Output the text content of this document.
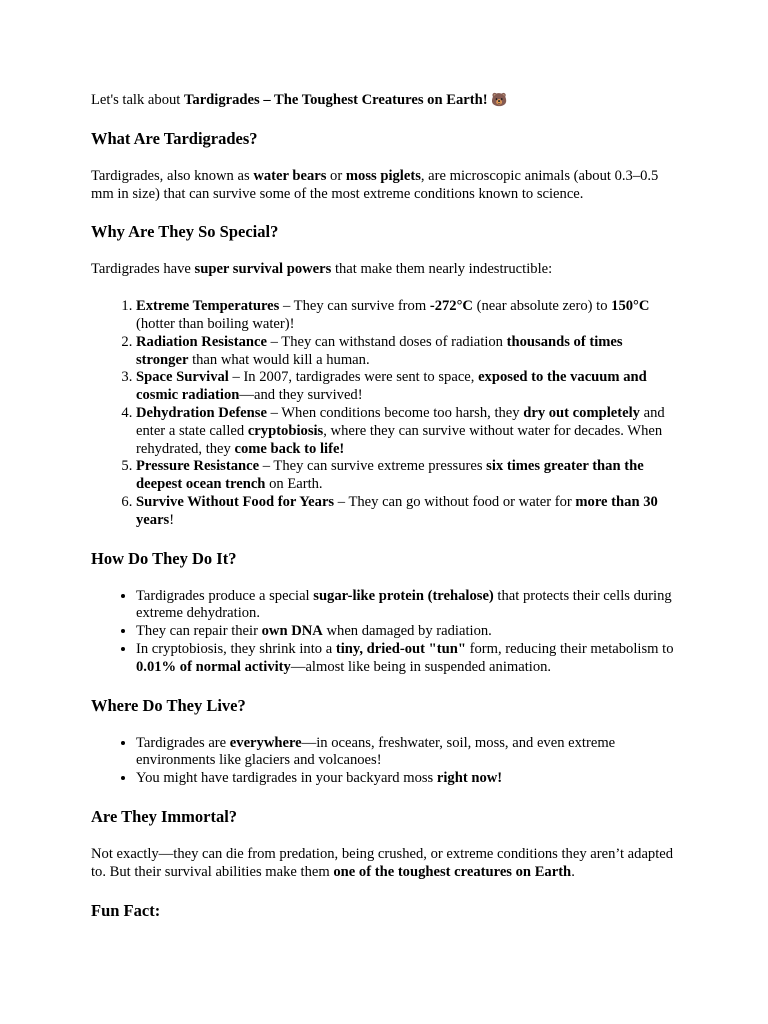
Let's talk about Tardigrades – The Toughest Creatures on Earth! 🐻

What Are Tardigrades?

Tardigrades, also known as water bears or moss piglets, are microscopic animals (about 0.3–0.5 mm in size) that can survive some of the most extreme conditions known to science.

Why Are They So Special?

Tardigrades have super survival powers that make them nearly indestructible:

1. Extreme Temperatures – They can survive from -272°C (near absolute zero) to 150°C (hotter than boiling water)!
2. Radiation Resistance – They can withstand doses of radiation thousands of times stronger than what would kill a human.
3. Space Survival – In 2007, tardigrades were sent to space, exposed to the vacuum and cosmic radiation—and they survived!
4. Dehydration Defense – When conditions become too harsh, they dry out completely and enter a state called cryptobiosis, where they can survive without water for decades. When rehydrated, they come back to life!
5. Pressure Resistance – They can survive extreme pressures six times greater than the deepest ocean trench on Earth.
6. Survive Without Food for Years – They can go without food or water for more than 30 years!
How Do They Do It?
• Tardigrades produce a special sugar-like protein (trehalose) that protects their cells during extreme dehydration.
• They can repair their own DNA when damaged by radiation.
• In cryptobiosis, they shrink into a tiny, dried-out "tun" form, reducing their metabolism to 0.01% of normal activity—almost like being in suspended animation.
Where Do They Live?
• Tardigrades are everywhere—in oceans, freshwater, soil, moss, and even extreme environments like glaciers and volcanoes!
• You might have tardigrades in your backyard moss right now!
Are They Immortal?

Not exactly—they can die from predation, being crushed, or extreme conditions they aren’t adapted to. But their survival abilities make them one of the toughest creatures on Earth.

Fun Fact:
